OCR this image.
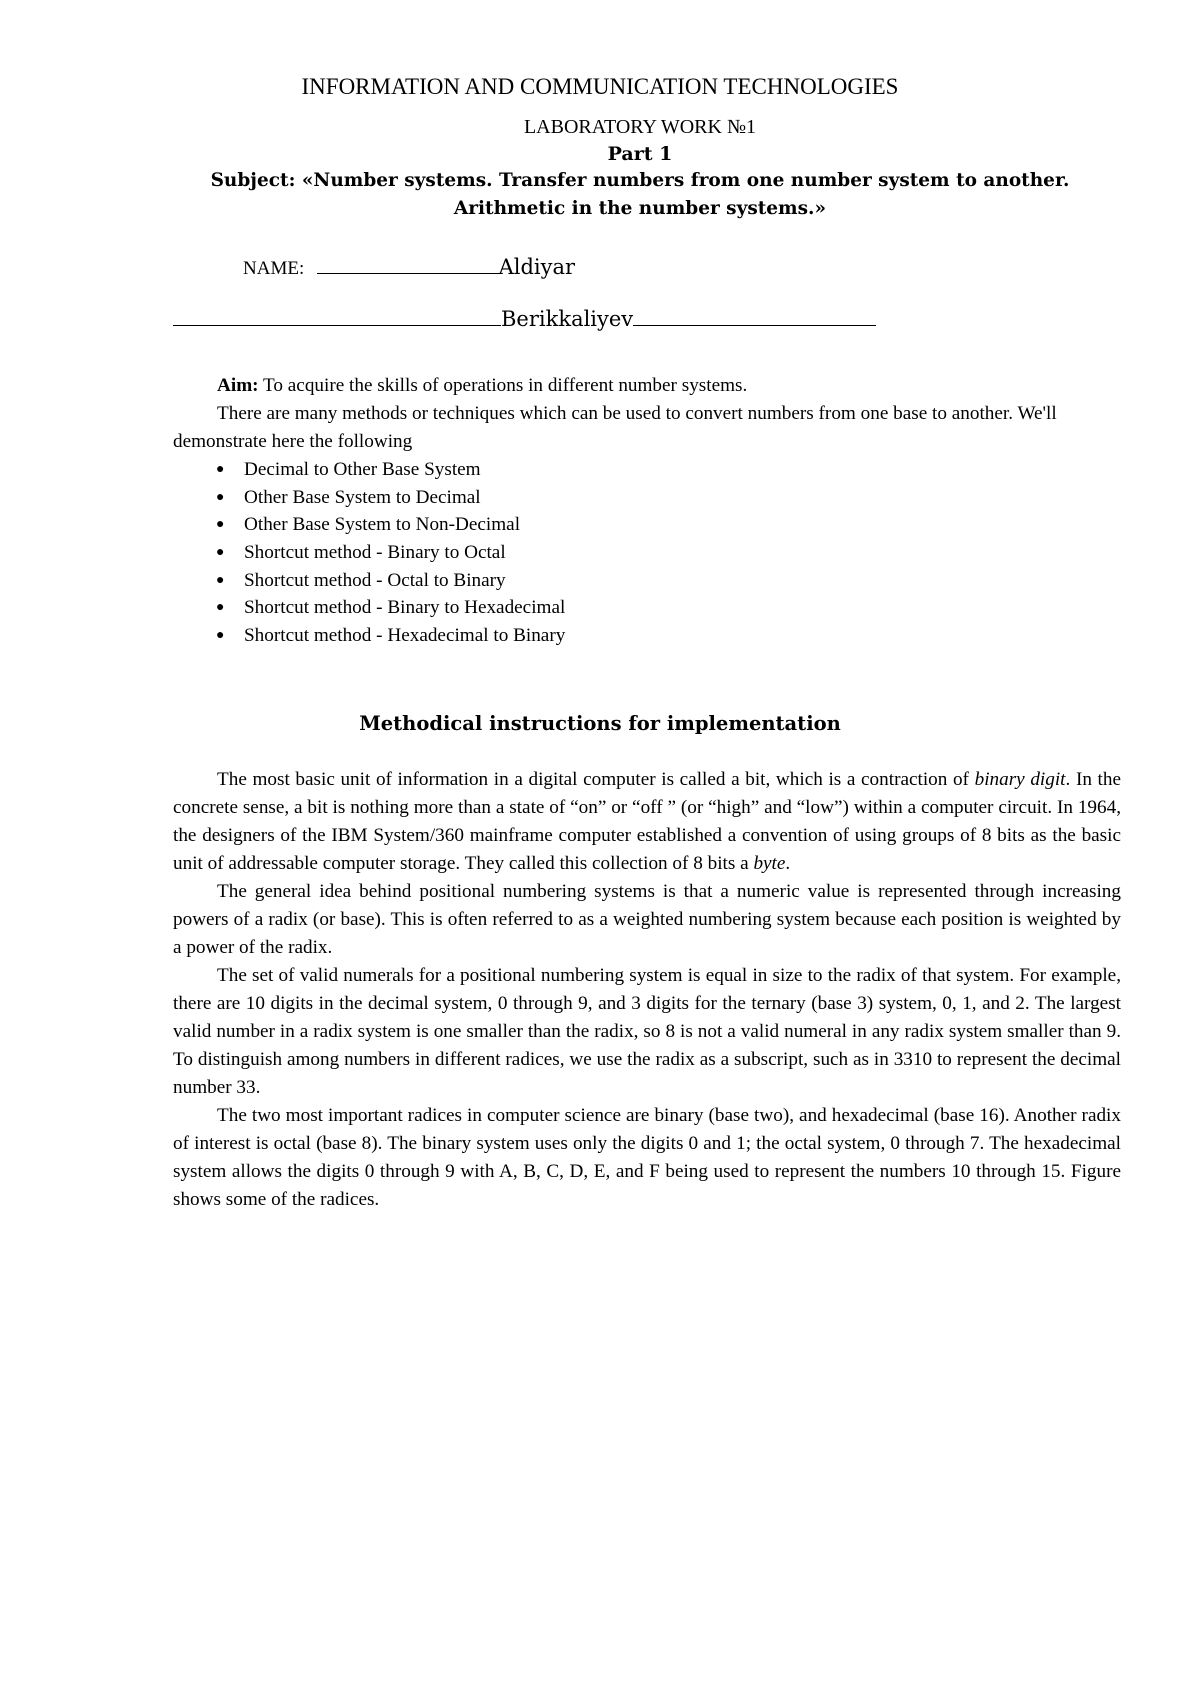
INFORMATION AND COMMUNICATION TECHNOLOGIES
LABORATORY WORK №1
Part 1
Subject: «Number systems. Transfer numbers from one number system to another.
Arithmetic in the number systems.»
NAME:	Aldiyar
Berikkaliyev

Aim: To acquire the skills of operations in different number systems.

There are many methods or techniques which can be used to convert numbers from one base to another. We'll demonstrate here the following

● Decimal to Other Base System
● Other Base System to Decimal
● Other Base System to Non-Decimal
● Shortcut method - Binary to Octal
● Shortcut method - Octal to Binary
● Shortcut method - Binary to Hexadecimal
● Shortcut method - Hexadecimal to Binary
Methodical instructions for implementation

The most basic unit of information in a digital computer is called a bit, which is a contraction of binary digit. In the concrete sense, a bit is nothing more than a state of “on” or “off ” (or “high” and “low”) within a computer circuit. In 1964, the designers of the IBM System/360 mainframe computer established a convention of using groups of 8 bits as the basic unit of addressable computer storage. They called this collection of 8 bits a byte.

The general idea behind positional numbering systems is that a numeric value is represented through increasing powers of a radix (or base). This is often referred to as a weighted numbering system because each position is weighted by a power of the radix.

The set of valid numerals for a positional numbering system is equal in size to the radix of that system. For example, there are 10 digits in the decimal system, 0 through 9, and 3 digits for the ternary (base 3) system, 0, 1, and 2. The largest valid number in a radix system is one smaller than the radix, so 8 is not a valid numeral in any radix system smaller than 9. To distinguish among numbers in different radices, we use the radix as a subscript, such as in 3310 to represent the decimal number 33.

The two most important radices in computer science are binary (base two), and hexadecimal (base 16). Another radix of interest is octal (base 8). The binary system uses only the digits 0 and 1; the octal system, 0 through 7. The hexadecimal system allows the digits 0 through 9 with A, B, C, D, E, and F being used to represent the numbers 10 through 15. Figure shows some of the radices.
